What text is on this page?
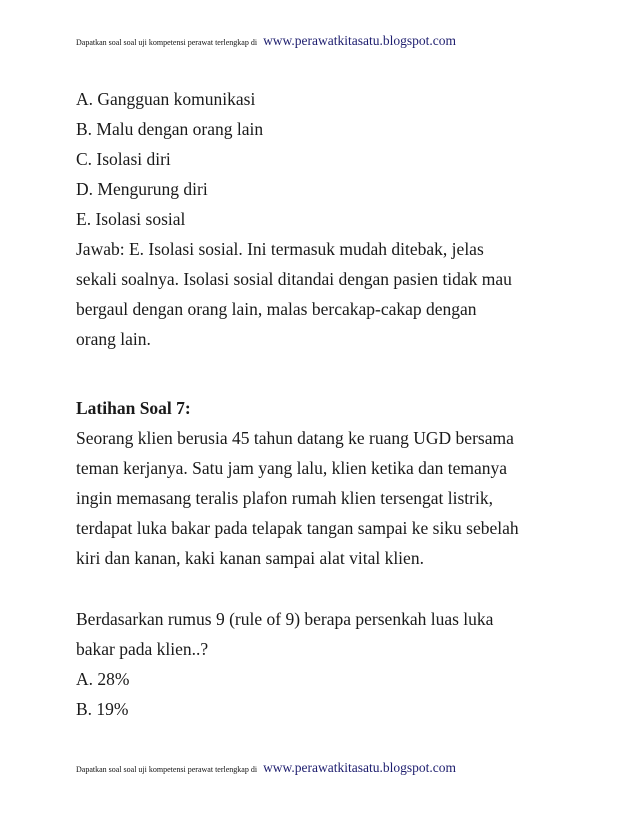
Dapatkan soal soal uji kompetensi perawat terlengkap di www.perawatkitasatu.blogspot.com
A. Gangguan komunikasi
B. Malu dengan orang lain
C. Isolasi diri
D. Mengurung diri
E. Isolasi sosial
Jawab: E. Isolasi sosial. Ini termasuk mudah ditebak, jelas
sekali soalnya. Isolasi sosial ditandai dengan pasien tidak mau
bergaul dengan orang lain, malas bercakap-cakap dengan
orang lain.
Latihan Soal 7:
Seorang klien berusia 45 tahun datang ke ruang UGD bersama
teman kerjanya. Satu jam yang lalu, klien ketika dan temanya
ingin memasang teralis plafon rumah klien tersengat listrik,
terdapat luka bakar pada telapak tangan sampai ke siku sebelah
kiri dan kanan, kaki kanan sampai alat vital klien.
Berdasarkan rumus 9 (rule of 9) berapa persenkah luas luka
bakar pada klien..?
A. 28%
B. 19%
Dapatkan soal soal uji kompetensi perawat terlengkap di www.perawatkitasatu.blogspot.com
